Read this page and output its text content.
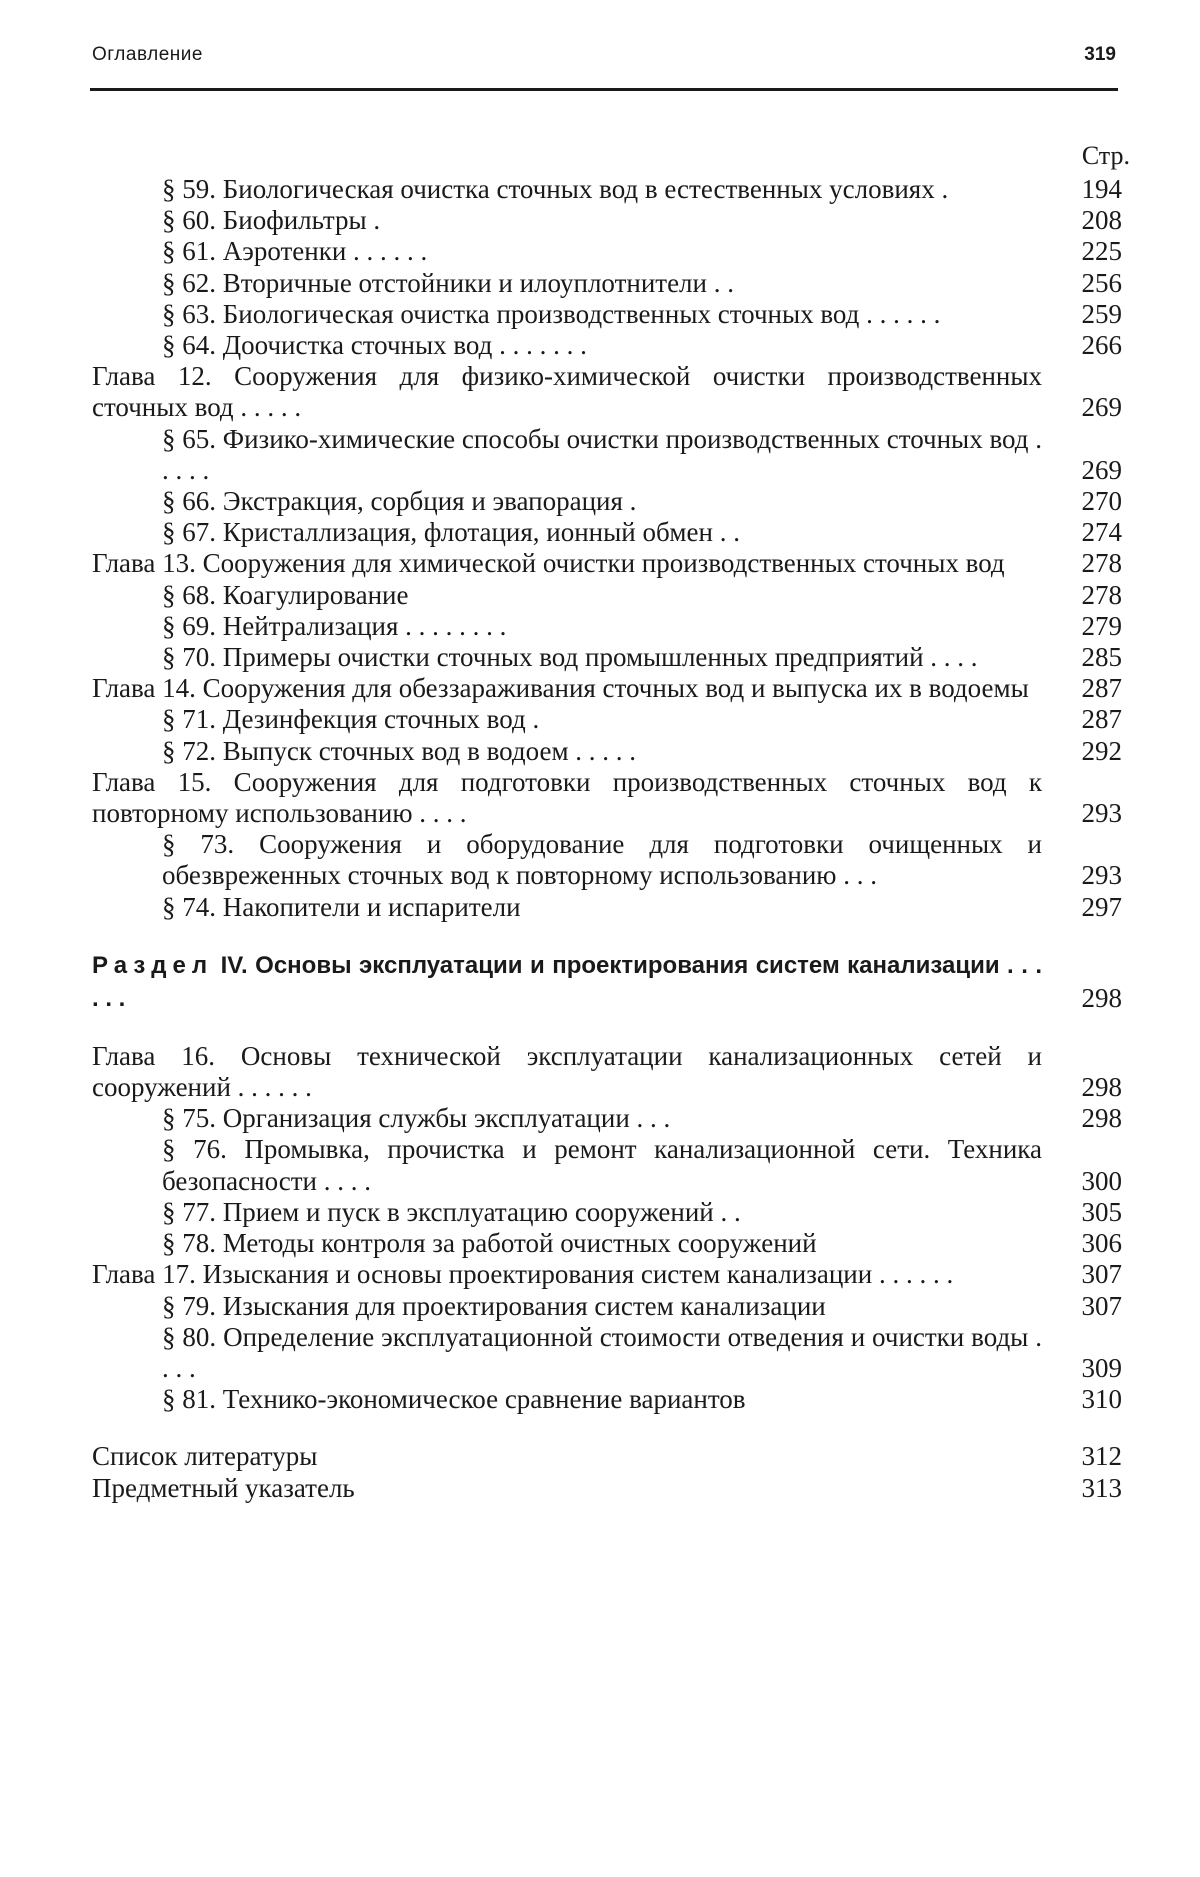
Оглавление	319
Стр.
§ 59. Биологическая очистка сточных вод в естественных условиях .	194
§ 60. Биофильтры .	208
§ 61. Аэротенки . . . . . .	225
§ 62. Вторичные отстойники и илоуплотнители . .	256
§ 63. Биологическая очистка производственных сточных вод . . . . . .	259
§ 64. Доочистка сточных вод . . . . . . .	266
Глава 12. Сооружения для физико-химической очистки производственных сточных вод . . . . .	269
§ 65. Физико-химические способы очистки производственных сточных вод . . . . .	269
§ 66. Экстракция, сорбция и эвапорация .	270
§ 67. Кристаллизация, флотация, ионный обмен . .	274
Глава 13. Сооружения для химической очистки производственных сточных вод	278
§ 68. Коагулирование	278
§ 69. Нейтрализация . . . . . . . .	279
§ 70. Примеры очистки сточных вод промышленных предприятий . . . .	285
Глава 14. Сооружения для обеззараживания сточных вод и выпуска их в водоемы	287
§ 71. Дезинфекция сточных вод .	287
§ 72. Выпуск сточных вод в водоем . . . . .	292
Глава 15. Сооружения для подготовки производственных сточных вод к повторному использованию . . . .	293
§ 73. Сооружения и оборудование для подготовки очищенных и обезвреженных сточных вод к повторному использованию . . .	293
§ 74. Накопители и испарители	297
Раздел IV. Основы эксплуатации и проектирования систем канализации . . . . . .	298
Глава 16. Основы технической эксплуатации канализационных сетей и сооружений . . . . . .	298
§ 75. Организация службы эксплуатации . . .	298
§ 76. Промывка, прочистка и ремонт канализационной сети. Техника безопасности . . . .	300
§ 77. Прием и пуск в эксплуатацию сооружений . .	305
§ 78. Методы контроля за работой очистных сооружений	306
Глава 17. Изыскания и основы проектирования систем канализации . . . . . .	307
§ 79. Изыскания для проектирования систем канализации	307
§ 80. Определение эксплуатационной стоимости отведения и очистки воды . . . .	309
§ 81. Технико-экономическое сравнение вариантов	310
Список литературы	312
Предметный указатель	313
